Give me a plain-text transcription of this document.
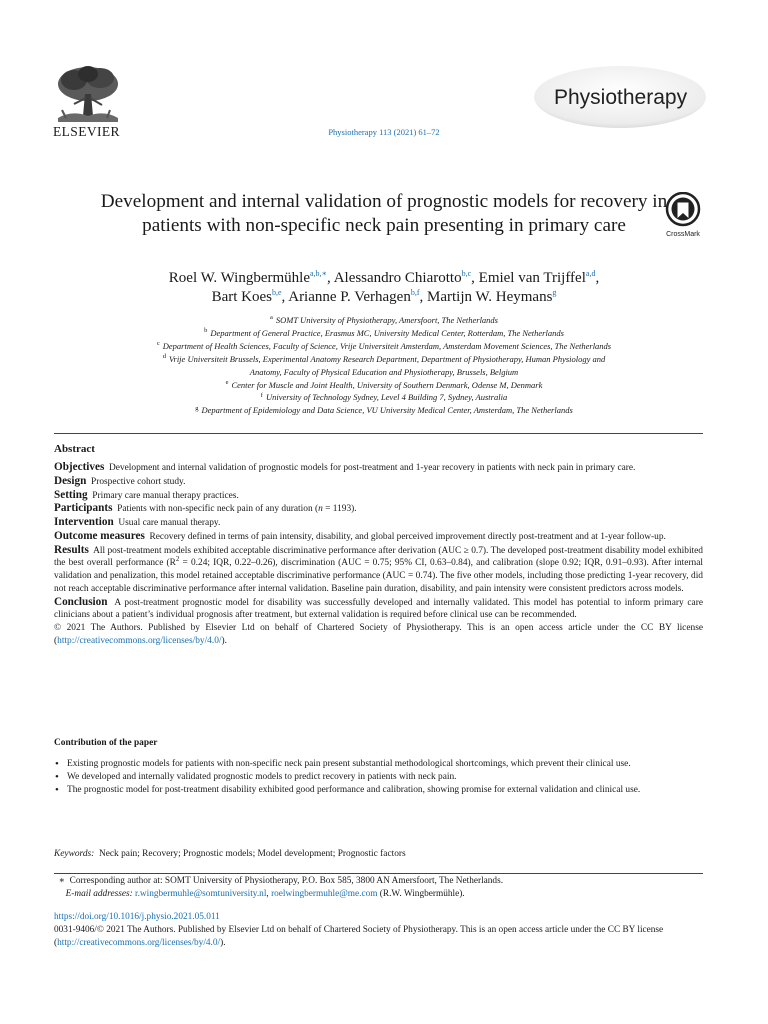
ELSEVIER	Physiotherapy 113 (2021) 61–72
Physiotherapy
Development and internal validation of prognostic models for recovery in patients with non-specific neck pain presenting in primary care	CrossMark
Roel W. Wingbermühle$^{a,b,∗}$, Alessandro Chiarotto$^{b,c}$, Emiel van Trijffel$^{a,d}$,
Bart Koes$^{b,e}$, Arianne P. Verhagen$^{b,f}$, Martijn W. Heymans$^g$
$^a$ SOMT University of Physiotherapy, Amersfoort, The Netherlands
$^b$ Department of General Practice, Erasmus MC, University Medical Center, Rotterdam, The Netherlands
$^c$ Department of Health Sciences, Faculty of Science, Vrije Universiteit Amsterdam, Amsterdam Movement Sciences, The Netherlands
$^d$ Vrije Universiteit Brussels, Experimental Anatomy Research Department, Department of Physiotherapy, Human Physiology and
Anatomy, Faculty of Physical Education and Physiotherapy, Brussels, Belgium
$^e$ Center for Muscle and Joint Health, University of Southern Denmark, Odense M, Denmark
$^f$ University of Technology Sydney, Level 4 Building 7, Sydney, Australia
$^g$ Department of Epidemiology and Data Science, VU University Medical Center, Amsterdam, The Netherlands
Abstract

Objectives Development and internal validation of prognostic models for post-treatment and 1-year recovery in patients with neck pain in primary care.

Design Prospective cohort study.

Setting Primary care manual therapy practices.

Participants Patients with non-specific neck pain of any duration (n = 1193).

Intervention Usual care manual therapy.

Outcome measures Recovery defined in terms of pain intensity, disability, and global perceived improvement directly post-treatment and at 1-year follow-up.

Results All post-treatment models exhibited acceptable discriminative performance after derivation (AUC ≥ 0.7). The developed post-treatment disability model exhibited the best overall performance ($R^2 = 0.24$; IQR, 0.22–0.26), discrimination (AUC = 0.75; 95% CI, 0.63–0.84), and calibration (slope 0.92; IQR, 0.91–0.93). After internal validation and penalization, this model retained acceptable discriminative performance (AUC = 0.74). The five other models, including those predicting 1-year recovery, did not reach acceptable discriminative performance after internal validation. Baseline pain duration, disability, and pain intensity were consistent predictors across models.

Conclusion A post-treatment prognostic model for disability was successfully developed and internally validated. This model has potential to inform primary care clinicians about a patient’s individual prognosis after treatment, but external validation is required before clinical use can be recommended.

© 2021 The Authors. Published by Elsevier Ltd on behalf of Chartered Society of Physiotherapy. This is an open access article under the CC BY license (http://creativecommons.org/licenses/by/4.0/).

Contribution of the paper
• Existing prognostic models for patients with non-specific neck pain present substantial methodological shortcomings, which prevent their clinical use.
• We developed and internally validated prognostic models to predict recovery in patients with neck pain.
• The prognostic model for post-treatment disability exhibited good performance and calibration, showing promise for external validation and clinical use.
Keywords: Neck pain; Recovery; Prognostic models; Model development; Prognostic factors
∗ Corresponding author at: SOMT University of Physiotherapy, P.O. Box 585, 3800 AN Amersfoort, The Netherlands.
E-mail addresses: r.wingbermuhle@somtuniversity.nl, roelwingbermuhle@me.com (R.W. Wingbermühle).
https://doi.org/10.1016/j.physio.2021.05.011
0031-9406/© 2021 The Authors. Published by Elsevier Ltd on behalf of Chartered Society of Physiotherapy. This is an open access article under the CC BY license (http://creativecommons.org/licenses/by/4.0/).
